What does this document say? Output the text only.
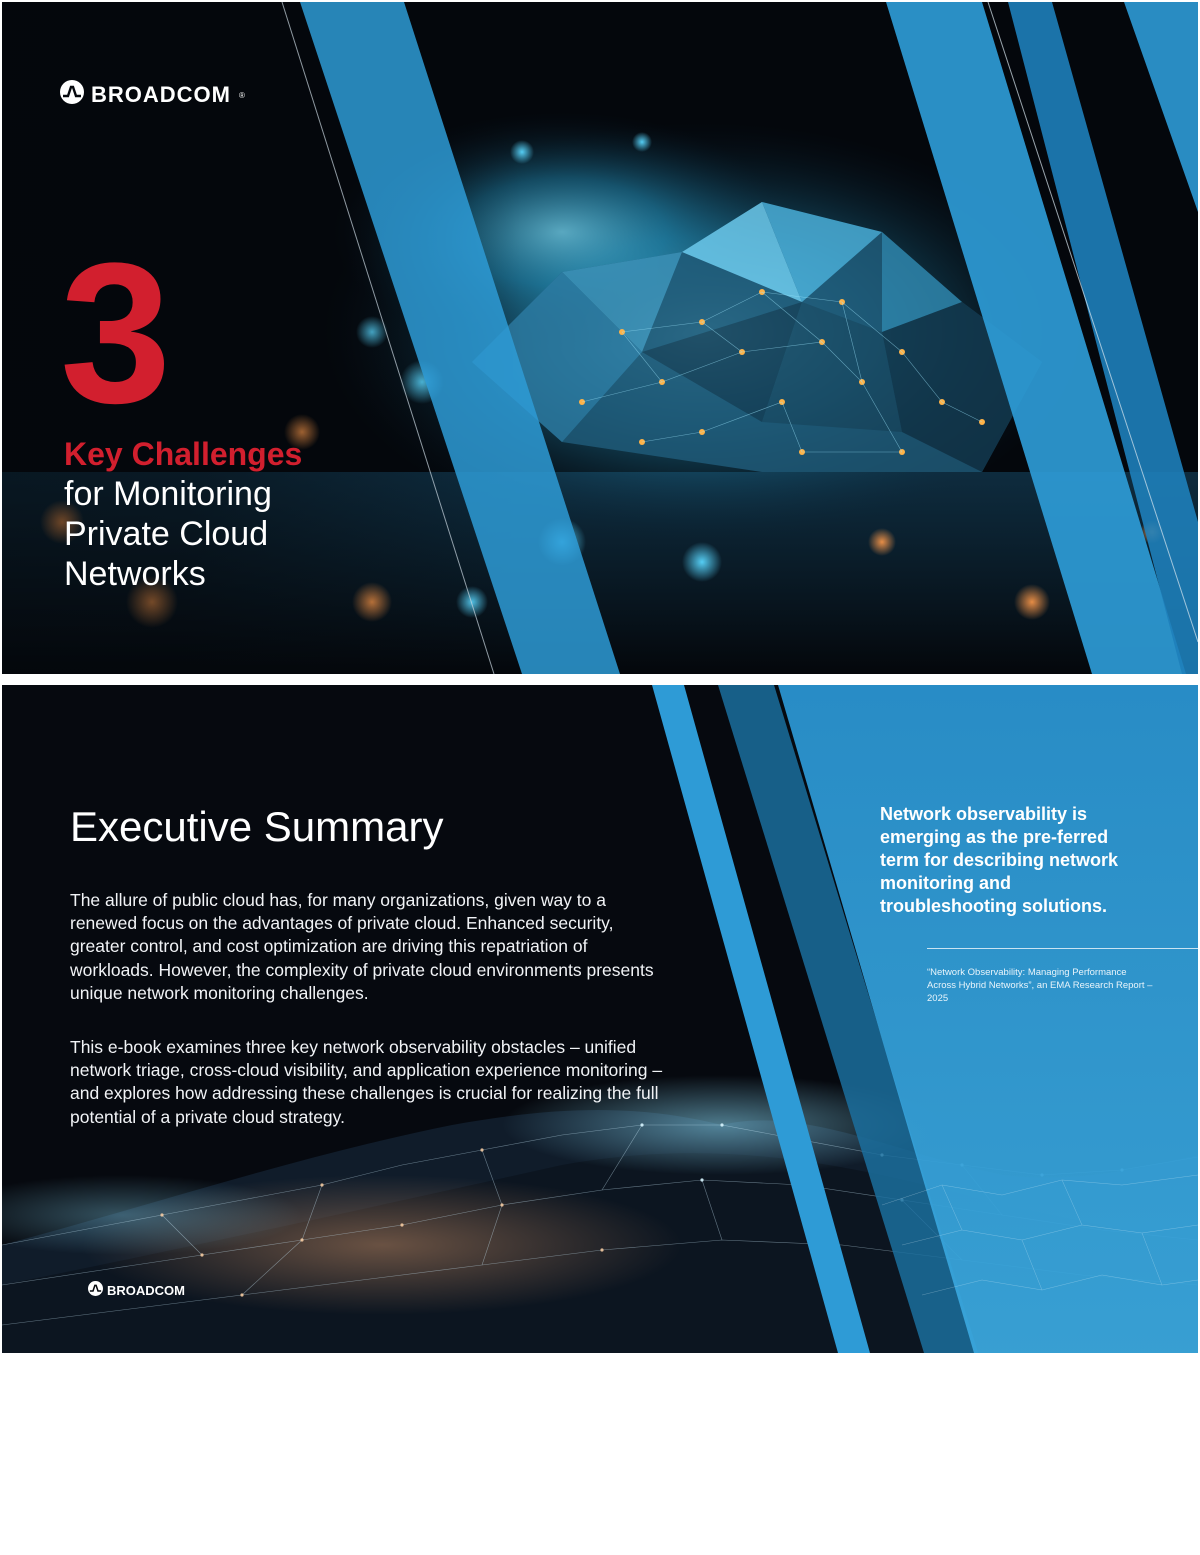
BROADCOM ®
3
Key Challenges
for Monitoring
Private Cloud
Networks
Executive Summary

The allure of public cloud has, for many organizations, given way to a renewed focus on the advantages of private cloud. Enhanced security, greater control, and cost optimization are driving this repatriation of workloads. However, the complexity of private cloud environments presents unique network monitoring challenges.

This e-book examines three key network observability obstacles – unified network triage, cross-cloud visibility, and application experience monitoring – and explores how addressing these challenges is crucial for realizing the full potential of a private cloud strategy.

Network observability is emerging as the pre-ferred term for describing network monitoring and troubleshooting solutions.

“Network Observability: Managing Performance Across Hybrid Networks”, an EMA Research Report – 2025

BROADCOM
